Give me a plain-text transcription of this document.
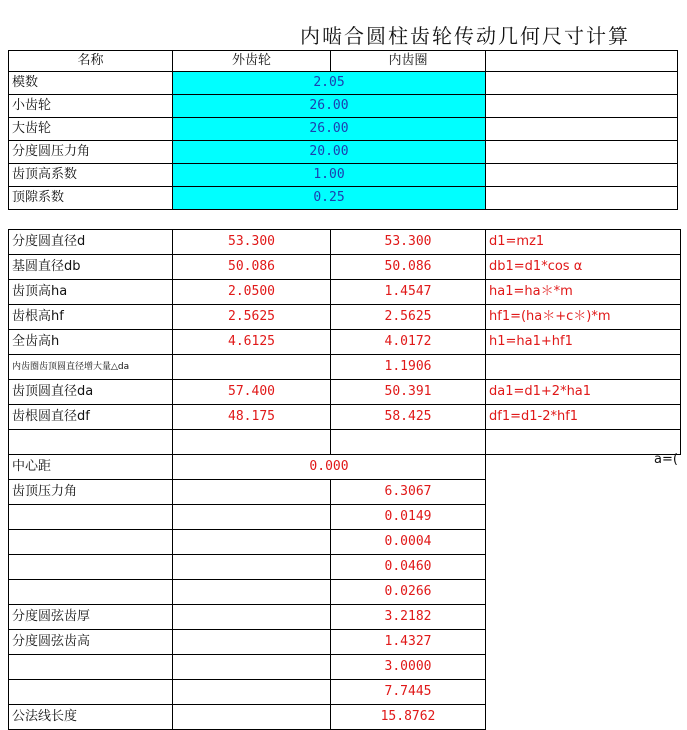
内啮合圆柱齿轮传动几何尺寸计算
名称	外齿轮	内齿圈	
模数	2.05		
小齿轮	26.00		
大齿轮	26.00		
分度圆压力角	20.00		
齿顶高系数	1.00		
顶隙系数	0.25		
分度圆直径d	53.300	53.300	d1=mz1
基圆直径db	50.086	50.086	db1=d1*cos α
齿顶高ha	2.0500	1.4547	ha1=ha＊*m
齿根高hf	2.5625	2.5625	hf1=(ha＊+c＊)*m
全齿高h	4.6125	4.0172	h1=ha1+hf1
内齿圈齿顶圆直径增大量△da		1.1906	
齿顶圆直径da	57.400	50.391	da1=d1+2*ha1
齿根圆直径df	48.175	58.425	df1=d1-2*hf1

中心距	0.000		
齿顶压力角		6.3067	
		0.0149	
		0.0004	
		0.0460	
		0.0266	
分度圆弦齿厚		3.2182	
分度圆弦齿高		1.4327	
		3.0000	
		7.7445	
公法线长度		15.8762	
a=(
